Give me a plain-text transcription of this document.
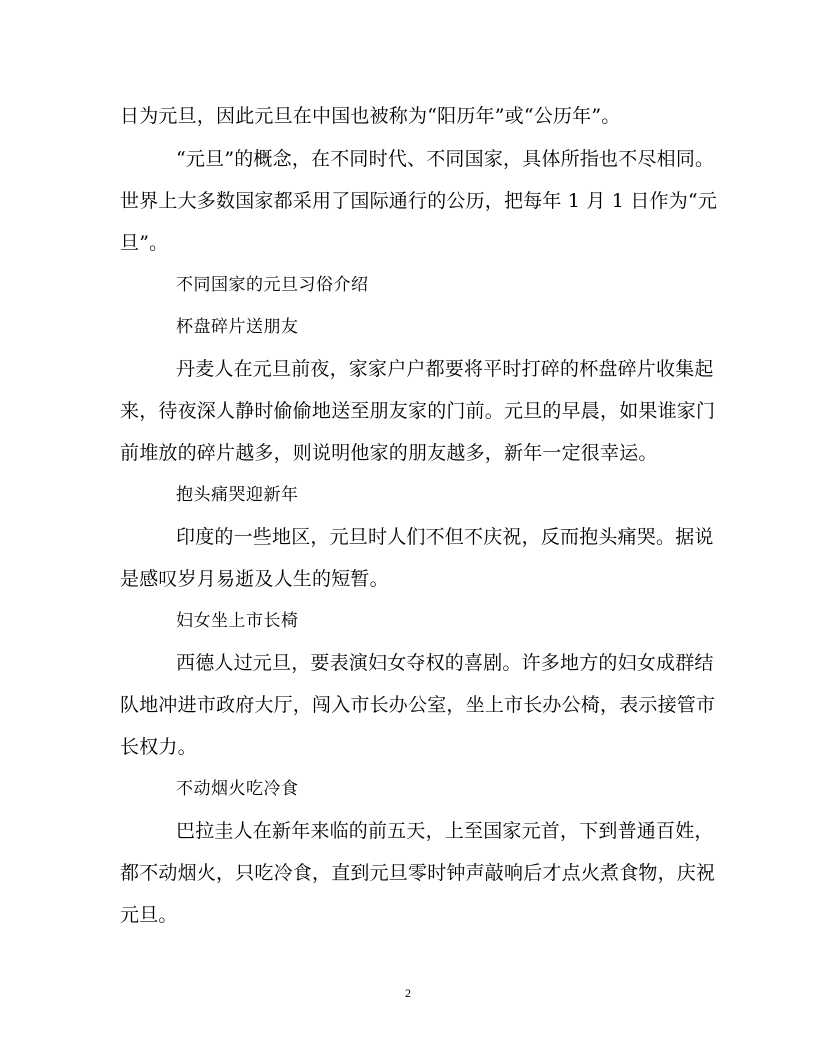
日为元旦，因此元旦在中国也被称为“阳历年”或“公历年”。
“元旦”的概念，在不同时代、不同国家，具体所指也不尽相同。
世界上大多数国家都采用了国际通行的公历，把每年 1 月 1 日作为“元
旦”。
不同国家的元旦习俗介绍
杯盘碎片送朋友
丹麦人在元旦前夜，家家户户都要将平时打碎的杯盘碎片收集起
来，待夜深人静时偷偷地送至朋友家的门前。元旦的早晨，如果谁家门
前堆放的碎片越多，则说明他家的朋友越多，新年一定很幸运。
抱头痛哭迎新年
印度的一些地区，元旦时人们不但不庆祝，反而抱头痛哭。据说
是感叹岁月易逝及人生的短暂。
妇女坐上市长椅
西德人过元旦，要表演妇女夺权的喜剧。许多地方的妇女成群结
队地冲进市政府大厅，闯入市长办公室，坐上市长办公椅，表示接管市
长权力。
不动烟火吃冷食
巴拉圭人在新年来临的前五天，上至国家元首，下到普通百姓，
都不动烟火，只吃冷食，直到元旦零时钟声敲响后才点火煮食物，庆祝
元旦。
2
